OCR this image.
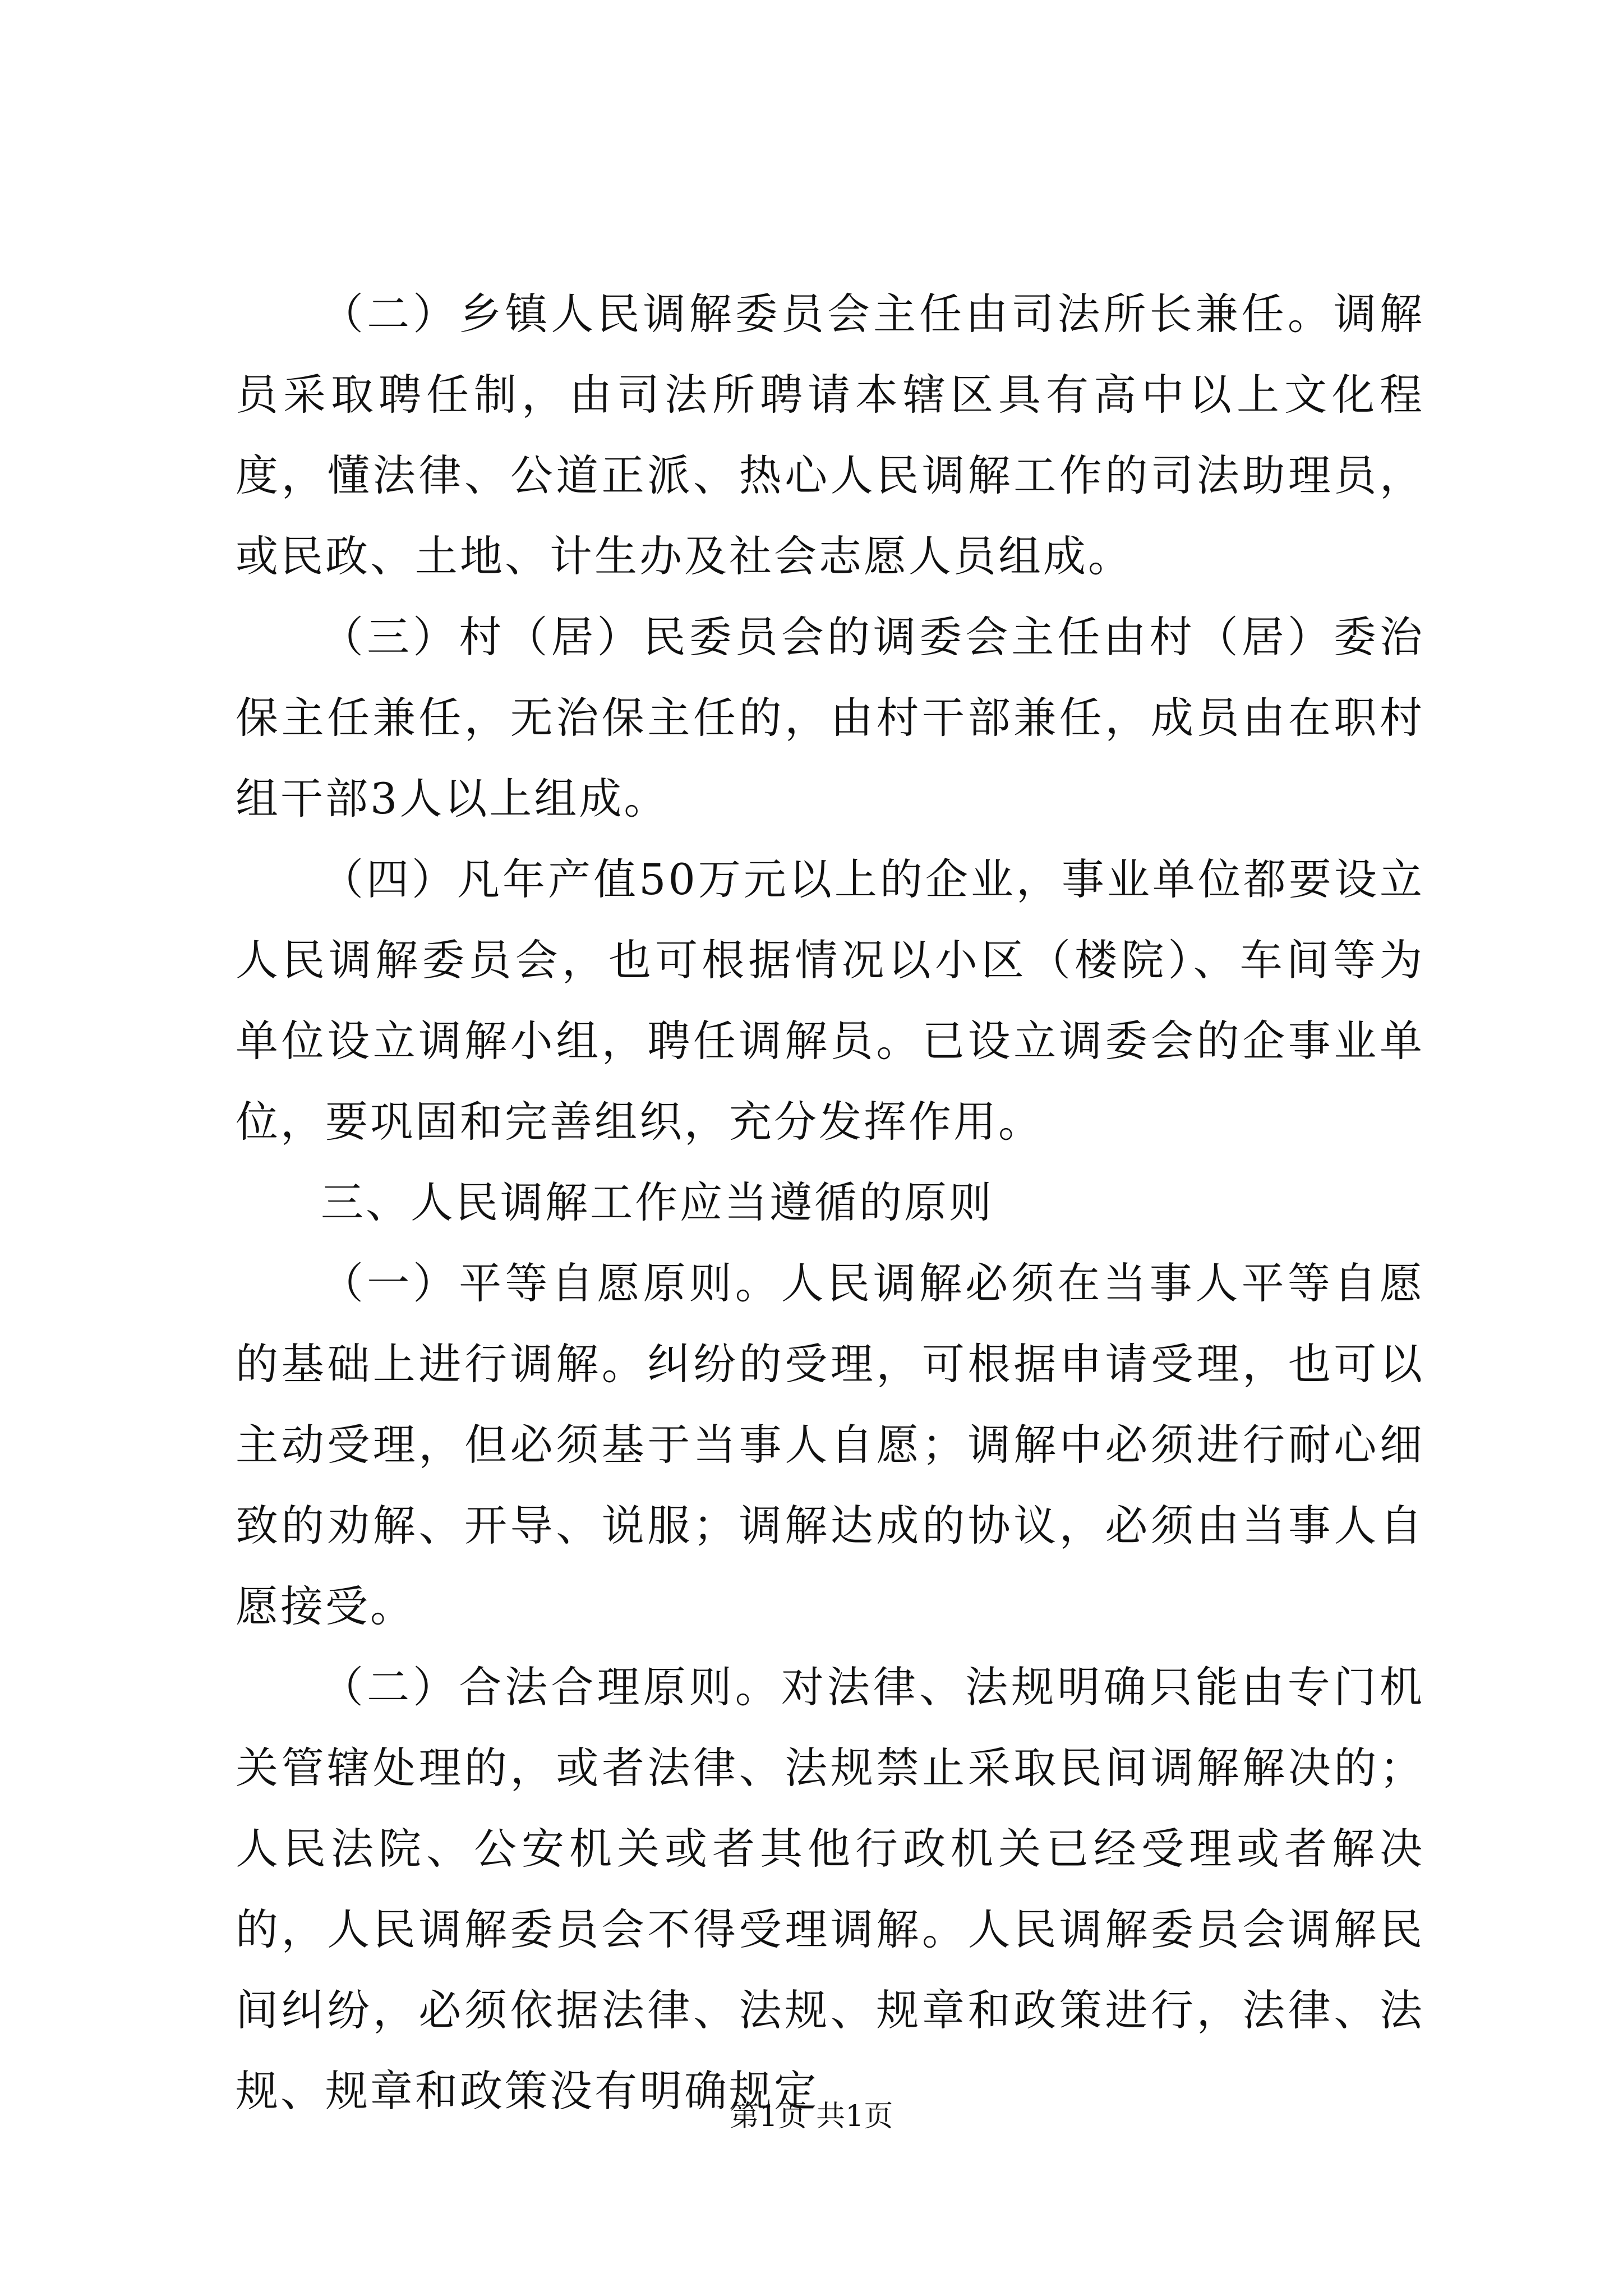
（二）乡镇人民调解委员会主任由司法所长兼任。调解员采取聘任制，由司法所聘请本辖区具有高中以上文化程度，懂法律、公道正派、热心人民调解工作的司法助理员，或民政、土地、计生办及社会志愿人员组成。

（三）村（居）民委员会的调委会主任由村（居）委治保主任兼任，无治保主任的，由村干部兼任，成员由在职村组干部3人以上组成。

（四）凡年产值50万元以上的企业，事业单位都要设立人民调解委员会，也可根据情况以小区（楼院）、车间等为单位设立调解小组，聘任调解员。已设立调委会的企事业单位，要巩固和完善组织，充分发挥作用。

三、人民调解工作应当遵循的原则

（一）平等自愿原则。人民调解必须在当事人平等自愿的基础上进行调解。纠纷的受理，可根据申请受理，也可以主动受理，但必须基于当事人自愿；调解中必须进行耐心细致的劝解、开导、说服；调解达成的协议，必须由当事人自愿接受。

（二）合法合理原则。对法律、法规明确只能由专门机关管辖处理的，或者法律、法规禁止采取民间调解解决的；人民法院、公安机关或者其他行政机关已经受理或者解决的，人民调解委员会不得受理调解。人民调解委员会调解民间纠纷，必须依据法律、法规、规章和政策进行，法律、法规、规章和政策没有明确规定

第1页 共1页
